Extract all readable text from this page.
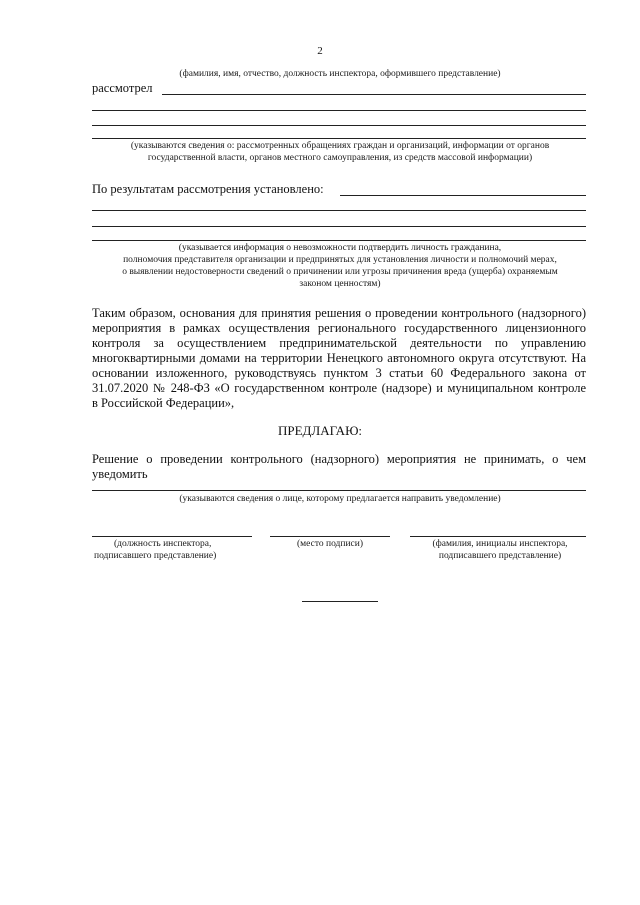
2
(фамилия, имя, отчество, должность инспектора, оформившего представление)
рассмотрел
(указываются сведения о: рассмотренных обращениях граждан и организаций, информации от органов
государственной власти, органов местного самоуправления, из средств массовой информации)
По результатам рассмотрения установлено:
(указывается информация о невозможности подтвердить личность гражданина,
полномочия представителя организации и предпринятых для установления личности и полномочий мерах,
о выявлении недостоверности сведений о причинении или угрозы причинения вреда (ущерба) охраняемым
законом ценностям)
Таким образом, основания для принятия решения о проведении контрольного (надзорного)
мероприятия в рамках осуществления регионального государственного лицензионного
контроля за осуществлением предпринимательской деятельности по управлению
многоквартирными домами на территории Ненецкого автономного округа отсутствуют. На
основании изложенного, руководствуясь пунктом 3 статьи 60 Федерального закона от
31.07.2020 № 248-ФЗ «О государственном контроле (надзоре) и муниципальном контроле
в Российской Федерации»,
ПРЕДЛАГАЮ:
Решение о проведении контрольного (надзорного) мероприятия не принимать, о чем
уведомить
(указываются сведения о лице, которому предлагается направить уведомление)
(должность инспектора,
подписавшего представление)
(место подписи)	(фамилия, инициалы инспектора,
подписавшего представление)
